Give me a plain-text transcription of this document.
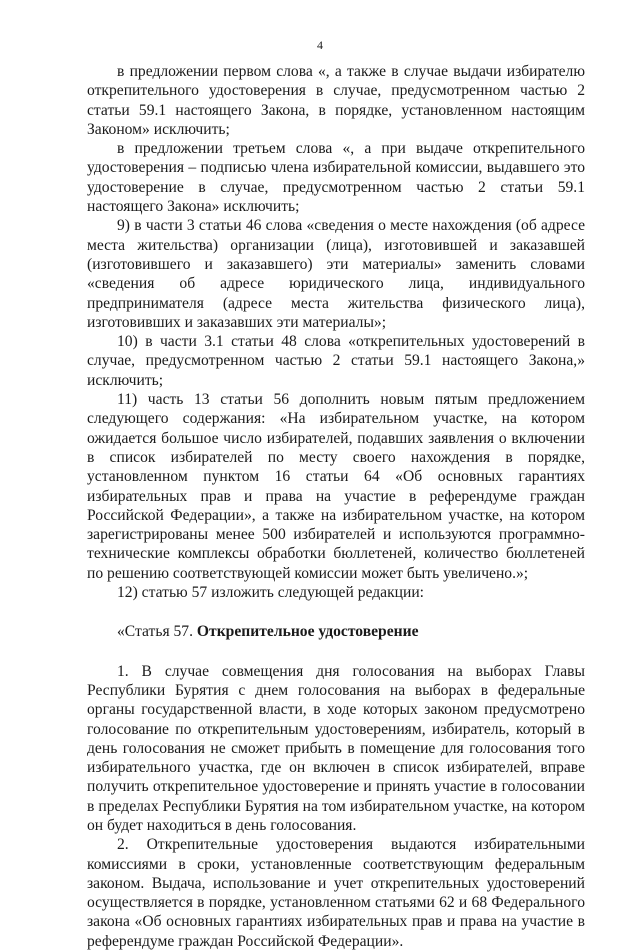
4

в предложении первом слова «, а также в случае выдачи избирателю открепительного удостоверения в случае, предусмотренном частью 2 статьи 59.1 настоящего Закона, в порядке, установленном настоящим Законом» исключить;

в предложении третьем слова «, а при выдаче открепительного удостоверения – подписью члена избирательной комиссии, выдавшего это удостоверение в случае, предусмотренном частью 2 статьи 59.1 настоящего Закона» исключить;

9) в части 3 статьи 46 слова «сведения о месте нахождения (об адресе места жительства) организации (лица), изготовившей и заказавшей (изготовившего и заказавшего) эти материалы» заменить словами «сведения об адресе юридического лица, индивидуального предпринимателя (адресе места жительства физического лица), изготовивших и заказавших эти материалы»;

10) в части 3.1 статьи 48 слова «открепительных удостоверений в случае, предусмотренном частью 2 статьи 59.1 настоящего Закона,» исключить;

11) часть 13 статьи 56 дополнить новым пятым предложением следующего содержания: «На избирательном участке, на котором ожидается большое число избирателей, подавших заявления о включении в список избирателей по месту своего нахождения в порядке, установленном пунктом 16 статьи 64 «Об основных гарантиях избирательных прав и права на участие в референдуме граждан Российской Федерации», а также на избирательном участке, на котором зарегистрированы менее 500 избирателей и используются программно-технические комплексы обработки бюллетеней, количество бюллетеней по решению соответствующей комиссии может быть увеличено.»;

12) статью 57 изложить следующей редакции:

«Статья 57. Открепительное удостоверение

1. В случае совмещения дня голосования на выборах Главы Республики Бурятия с днем голосования на выборах в федеральные органы государственной власти, в ходе которых законом предусмотрено голосование по открепительным удостоверениям, избиратель, который в день голосования не сможет прибыть в помещение для голосования того избирательного участка, где он включен в список избирателей, вправе получить открепительное удостоверение и принять участие в голосовании в пределах Республики Бурятия на том избирательном участке, на котором он будет находиться в день голосования.

2. Открепительные удостоверения выдаются избирательными комиссиями в сроки, установленные соответствующим федеральным законом. Выдача, использование и учет открепительных удостоверений осуществляется в порядке, установленном статьями 62 и 68 Федерального закона «Об основных гарантиях избирательных прав и права на участие в референдуме граждан Российской Федерации».
